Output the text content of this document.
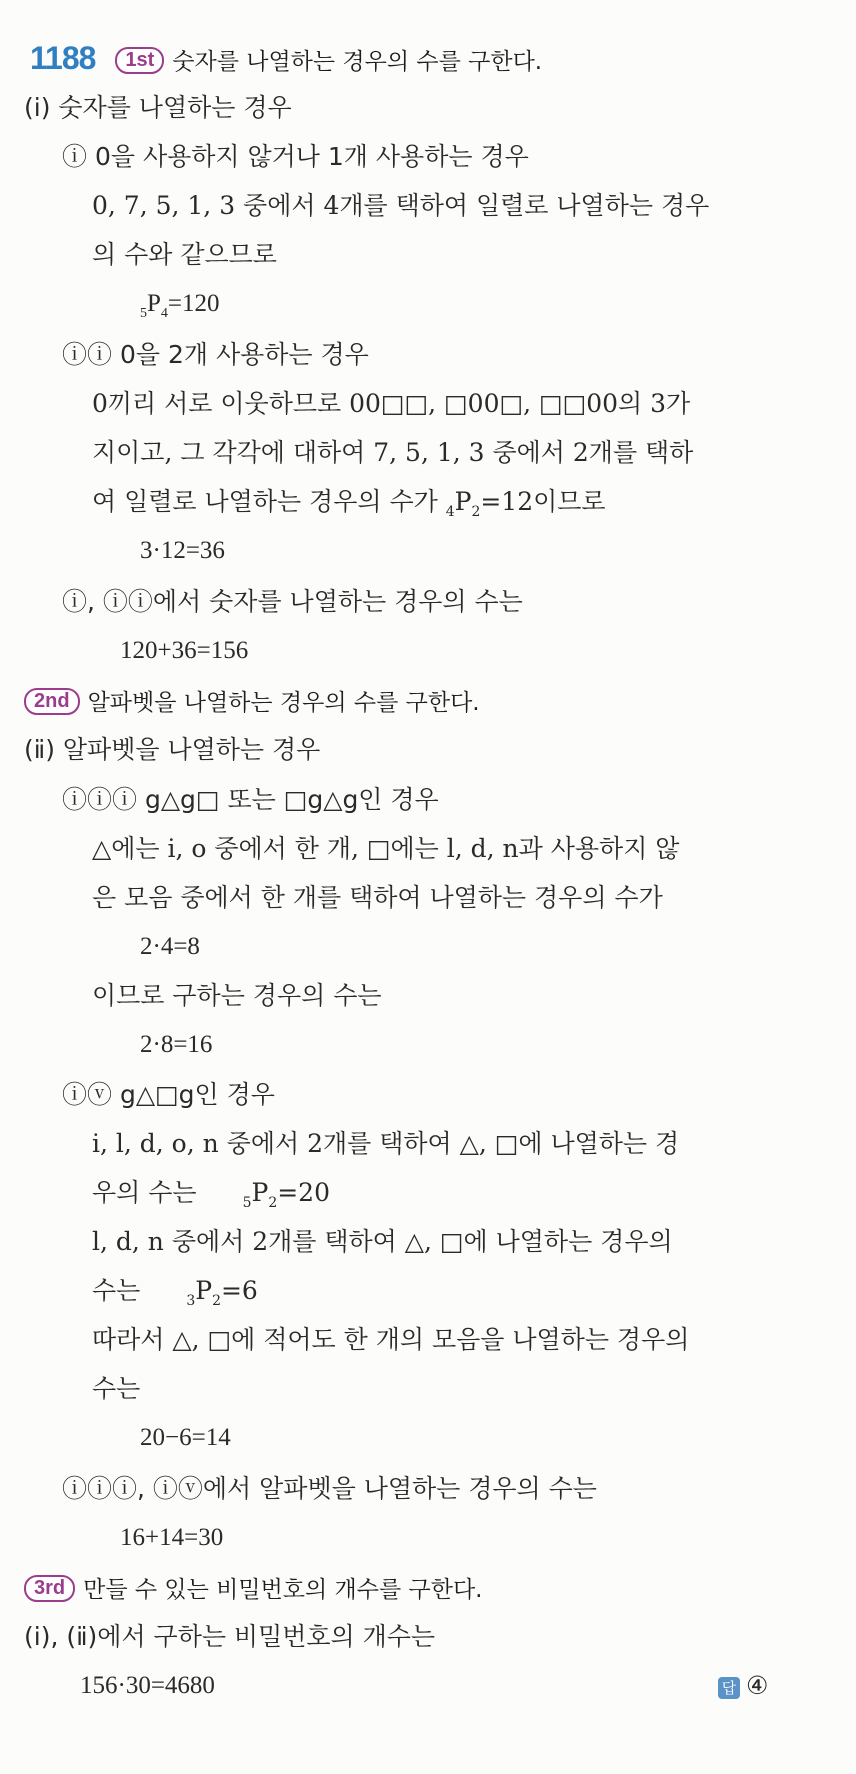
1188 1st 숫자를 나열하는 경우의 수를 구한다.
(ⅰ) 숫자를 나열하는 경우
ⓘ 0을 사용하지 않거나 1개 사용하는 경우
0, 7, 5, 1, 3 중에서 4개를 택하여 일렬로 나열하는 경우
의 수와 같으므로
$_5P_4=120$
ⓘⓘ 0을 2개 사용하는 경우
0끼리 서로 이웃하므로 00□□, □00□, □□00의 3가
지이고, 그 각각에 대하여 7, 5, 1, 3 중에서 2개를 택하
여 일렬로 나열하는 경우의 수가 $_4P_2=12$이므로
3·12=36
ⓘ, ⓘⓘ에서 숫자를 나열하는 경우의 수는
120+36=156
2nd 알파벳을 나열하는 경우의 수를 구한다.
(ⅱ) 알파벳을 나열하는 경우
ⓘⓘⓘ g△g□ 또는 □g△g인 경우
△에는 i, o 중에서 한 개, □에는 l, d, n과 사용하지 않
은 모음 중에서 한 개를 택하여 나열하는 경우의 수가
2·4=8
이므로 구하는 경우의 수는
2·8=16
ⓘⓥ g△□g인 경우
i, l, d, o, n 중에서 2개를 택하여 △, □에 나열하는 경
우의 수는	$_5P_2=20$
l, d, n 중에서 2개를 택하여 △, □에 나열하는 경우의
수는	$_3P_2=6$
따라서 △, □에 적어도 한 개의 모음을 나열하는 경우의
수는
20−6=14
ⓘⓘⓘ, ⓘⓥ에서 알파벳을 나열하는 경우의 수는
16+14=30
3rd 만들 수 있는 비밀번호의 개수를 구한다.
(ⅰ), (ⅱ)에서 구하는 비밀번호의 개수는
156·30=4680	답 ④
